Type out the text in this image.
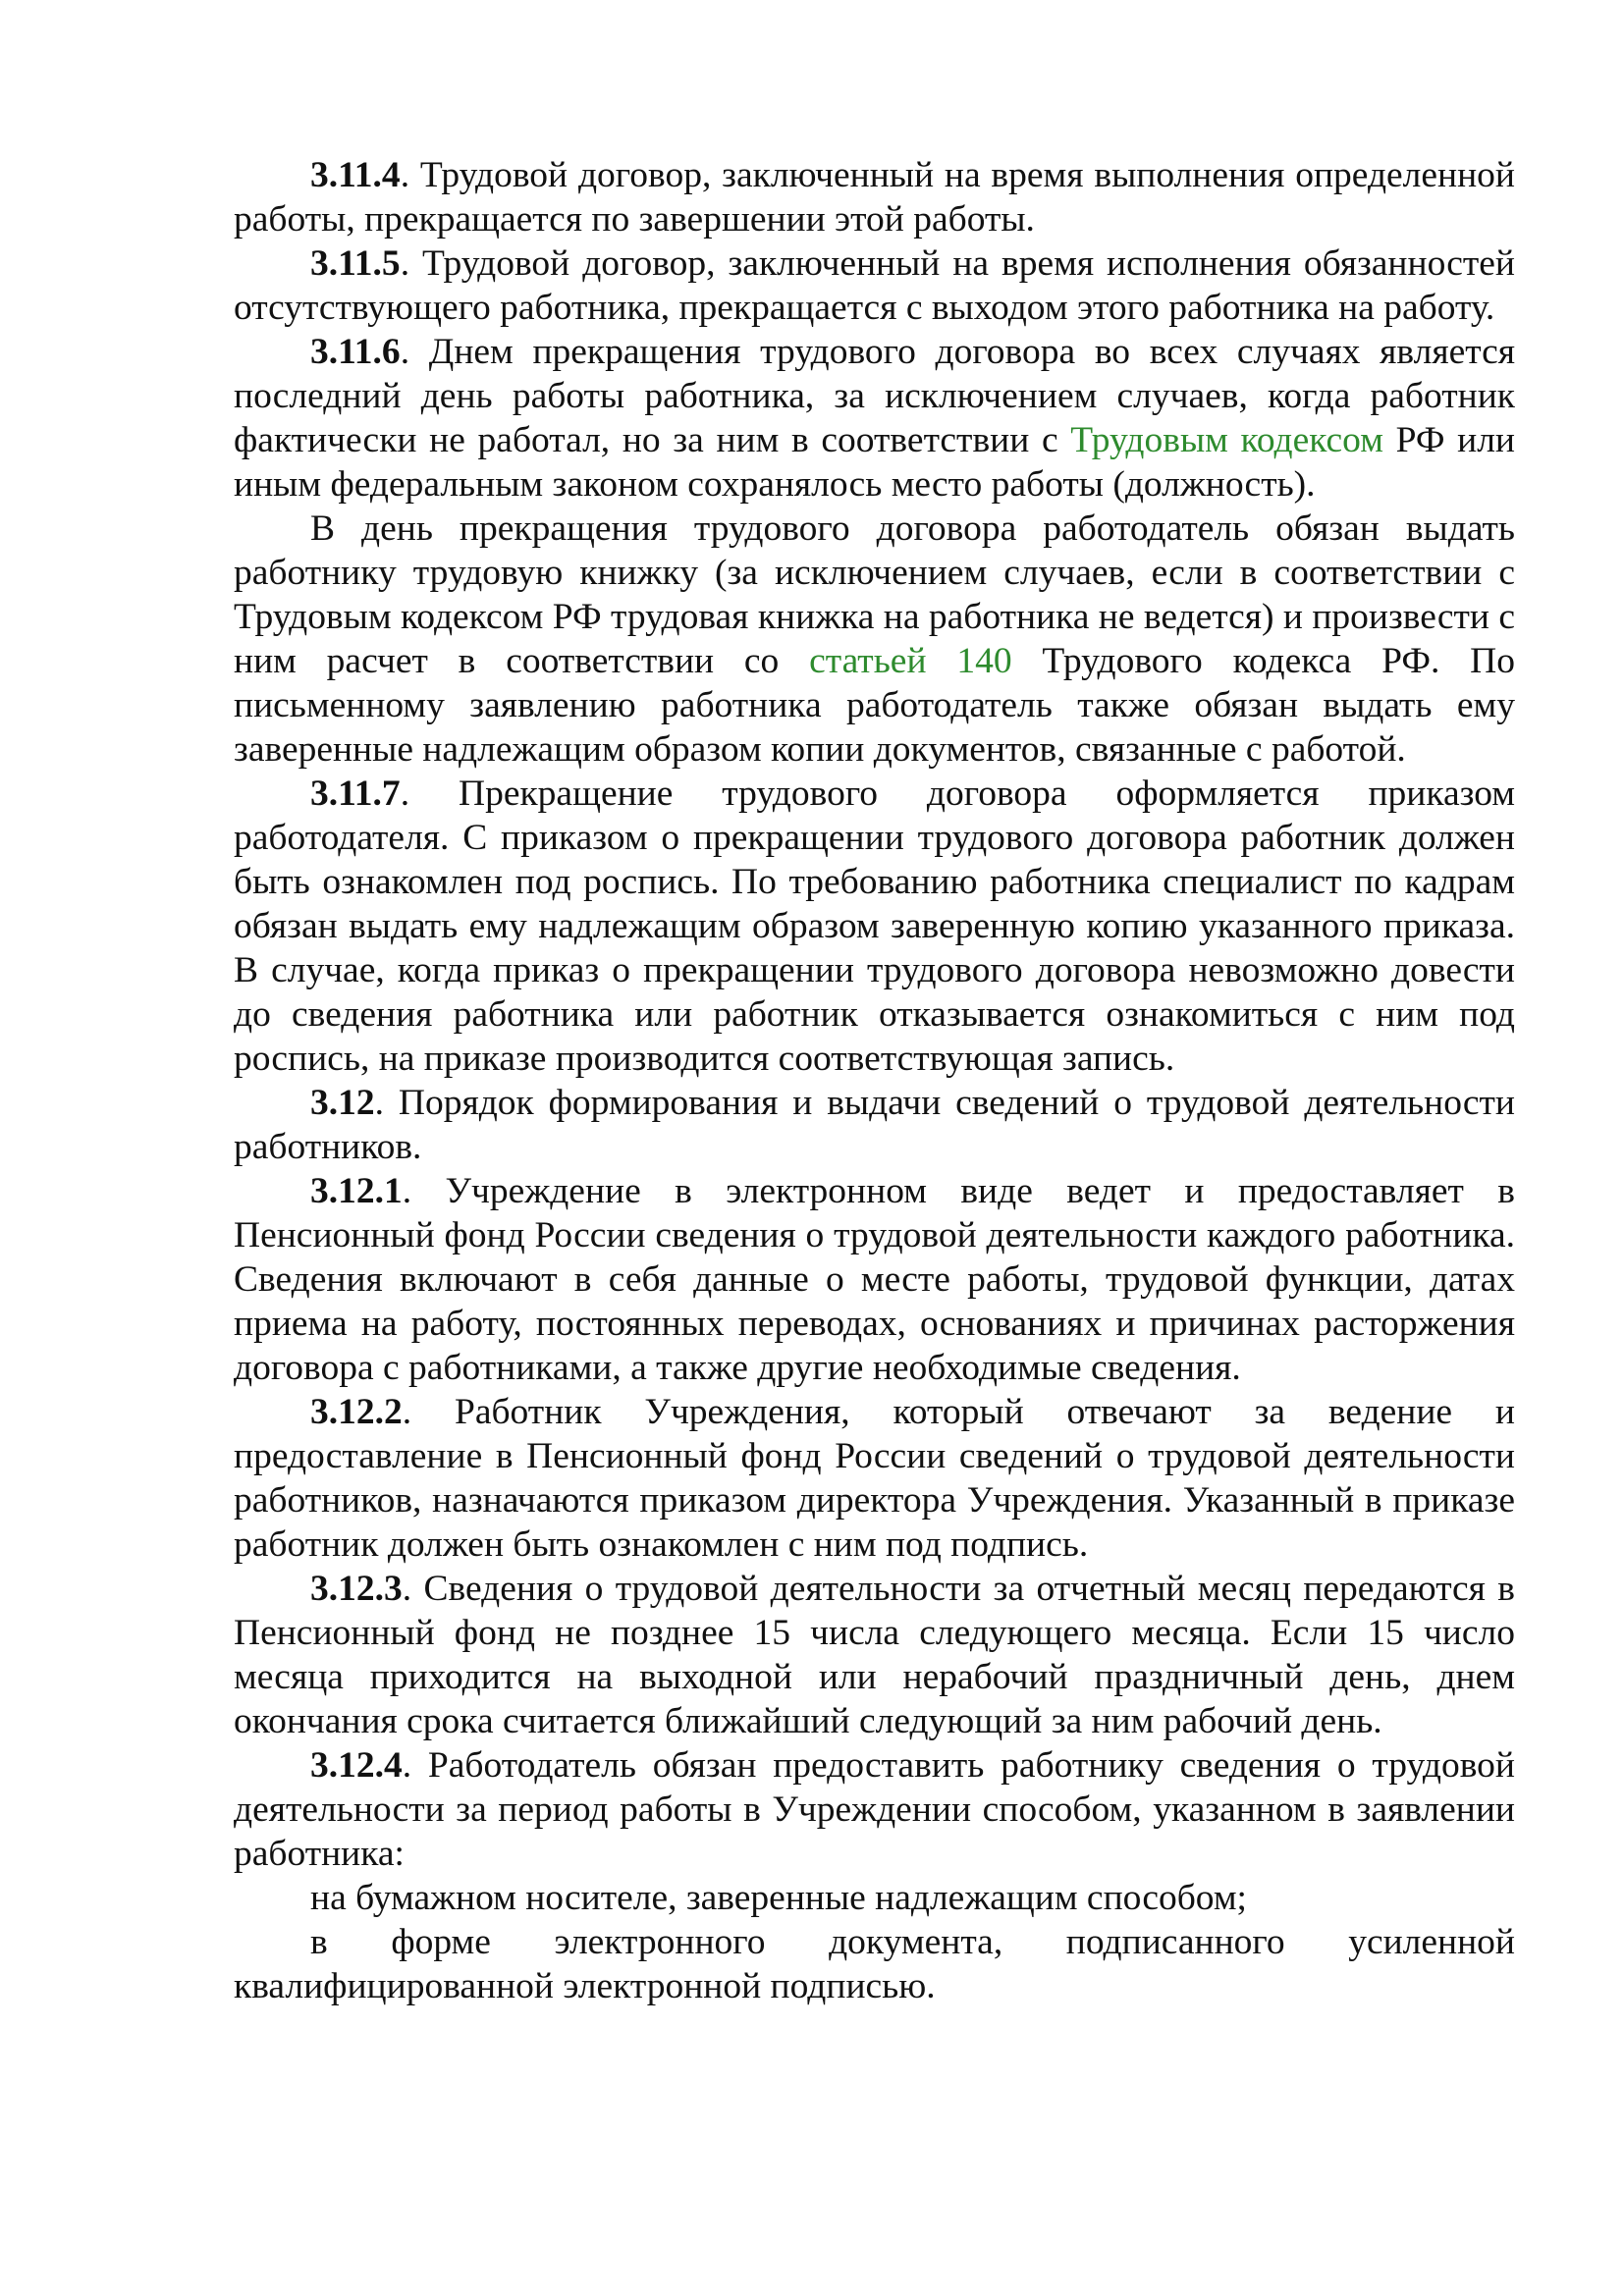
3.11.4. Трудовой договор, заключенный на время выполнения определенной работы, прекращается по завершении этой работы.

3.11.5. Трудовой договор, заключенный на время исполнения обязанностей отсутствующего работника, прекращается с выходом этого работника на работу.

3.11.6. Днем прекращения трудового договора во всех случаях является последний день работы работника, за исключением случаев, когда работник фактически не работал, но за ним в соответствии с Трудовым кодексом РФ или иным федеральным законом сохранялось место работы (должность).

В день прекращения трудового договора работодатель обязан выдать работнику трудовую книжку (за исключением случаев, если в соответствии с Трудовым кодексом РФ трудовая книжка на работника не ведется) и произвести с ним расчет в соответствии со статьей 140 Трудового кодекса РФ. По письменному заявлению работника работодатель также обязан выдать ему заверенные надлежащим образом копии документов, связанные с работой.

3.11.7. Прекращение трудового договора оформляется приказом работодателя. С приказом о прекращении трудового договора работник должен быть ознакомлен под роспись. По требованию работника специалист по кадрам обязан выдать ему надлежащим образом заверенную копию указанного приказа. В случае, когда приказ о прекращении трудового договора невозможно довести до сведения работника или работник отказывается ознакомиться с ним под роспись, на приказе производится соответствующая запись.

3.12. Порядок формирования и выдачи сведений о трудовой деятельности работников.

3.12.1. Учреждение в электронном виде ведет и предоставляет в Пенсионный фонд России сведения о трудовой деятельности каждого работника. Сведения включают в себя данные о месте работы, трудовой функции, датах приема на работу, постоянных переводах, основаниях и причинах расторжения договора с работниками, а также другие необходимые сведения.

3.12.2. Работник Учреждения, который отвечают за ведение и предоставление в Пенсионный фонд России сведений о трудовой деятельности работников, назначаются приказом директора Учреждения. Указанный в приказе работник должен быть ознакомлен с ним под подпись.

3.12.3. Сведения о трудовой деятельности за отчетный месяц передаются в Пенсионный фонд не позднее 15 числа следующего месяца. Если 15 число месяца приходится на выходной или нерабочий праздничный день, днем окончания срока считается ближайший следующий за ним рабочий день.

3.12.4. Работодатель обязан предоставить работнику сведения о трудовой деятельности за период работы в Учреждении способом, указанном в заявлении работника:

на бумажном носителе, заверенные надлежащим способом;

в форме электронного документа, подписанного усиленной квалифицированной электронной подписью.
